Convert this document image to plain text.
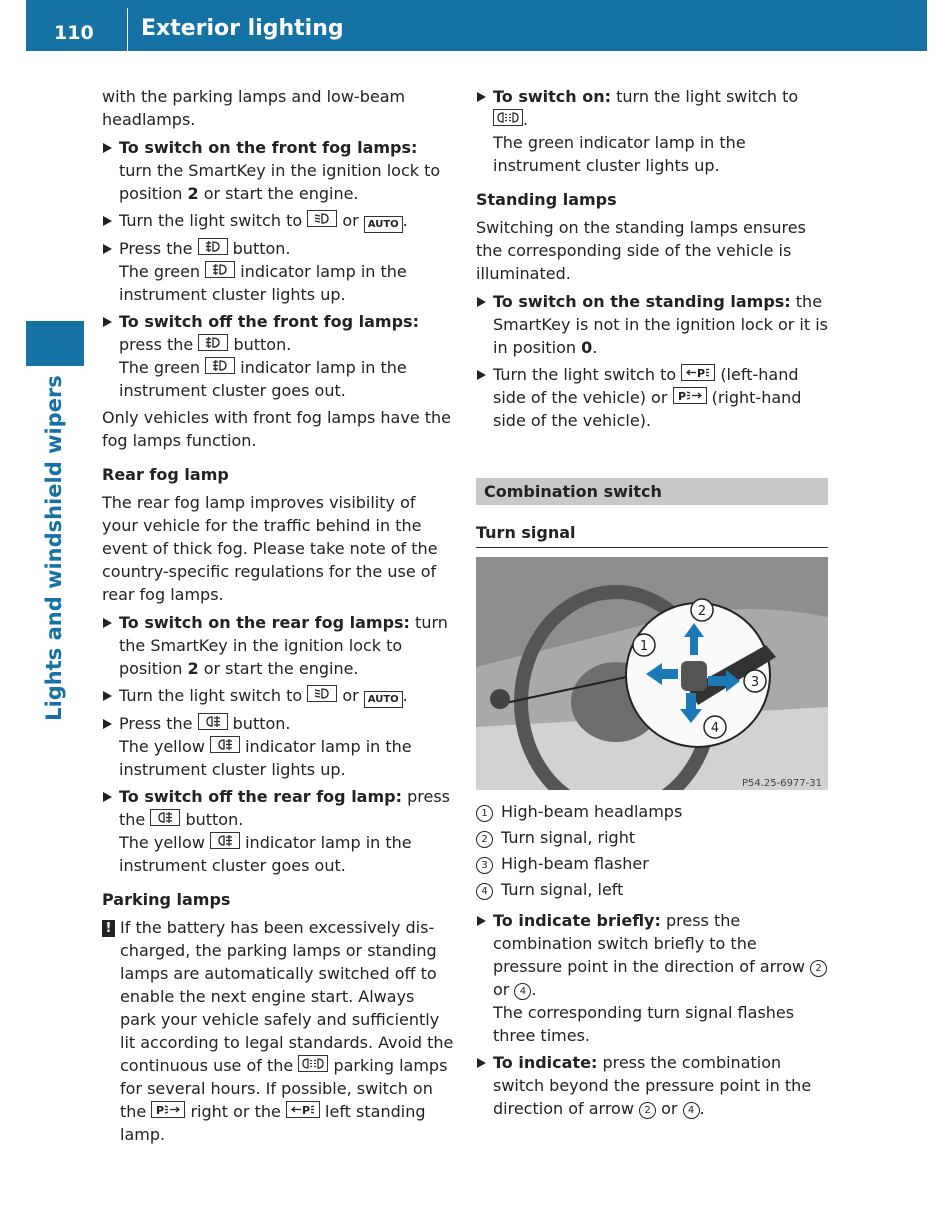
110 Exterior lighting
Lights and windshield wipers

with the parking lamps and low-beam headlamps.

To switch on the front fog lamps: turn the SmartKey in the ignition lock to position 2 or start the engine.
Turn the light switch to	or AUTO .
Press the	button.
The green	indicator lamp in the instrument cluster lights up.
To switch off the front fog lamps: press the	button.
The green	indicator lamp in the instrument cluster goes out.

Only vehicles with front fog lamps have the fog lamps function.

Rear fog lamp

The rear fog lamp improves visibility of your vehicle for the traffic behind in the event of thick fog. Please take note of the country-specific regulations for the use of rear fog lamps.

To switch on the rear fog lamps: turn the SmartKey in the ignition lock to position 2 or start the engine.
Turn the light switch to	or AUTO .
Press the	button.
The yellow	indicator lamp in the instrument cluster lights up.
To switch off the rear fog lamp: press the	button.
The yellow	indicator lamp in the instrument cluster goes out.
Parking lamps
! If the battery has been excessively discharged, the parking lamps or standing lamps are automatically switched off to enable the next engine start. Always park your vehicle safely and sufficiently lit according to legal standards. Avoid the continuous use of the	parking lamps for several hours. If possible, switch on the P right or the P left standing lamp.
To switch on: turn the light switch to
.
The green indicator lamp in the instrument cluster lights up.
Standing lamps

Switching on the standing lamps ensures the corresponding side of the vehicle is illuminated.

To switch on the standing lamps: the SmartKey is not in the ignition lock or it is in position 0.
Turn the light switch to P (left-hand side of the vehicle) or P (right-hand side of the vehicle).
Combination switch
Turn signal
1
2
3
4
P54.25-6977-31
1 High-beam headlamps
2 Turn signal, right
3 High-beam flasher
4 Turn signal, left
To indicate briefly: press the combination switch briefly to the pressure point in the direction of arrow 2 or 4 .
The corresponding turn signal flashes three times.
To indicate: press the combination switch beyond the pressure point in the direction of arrow 2 or 4 .
